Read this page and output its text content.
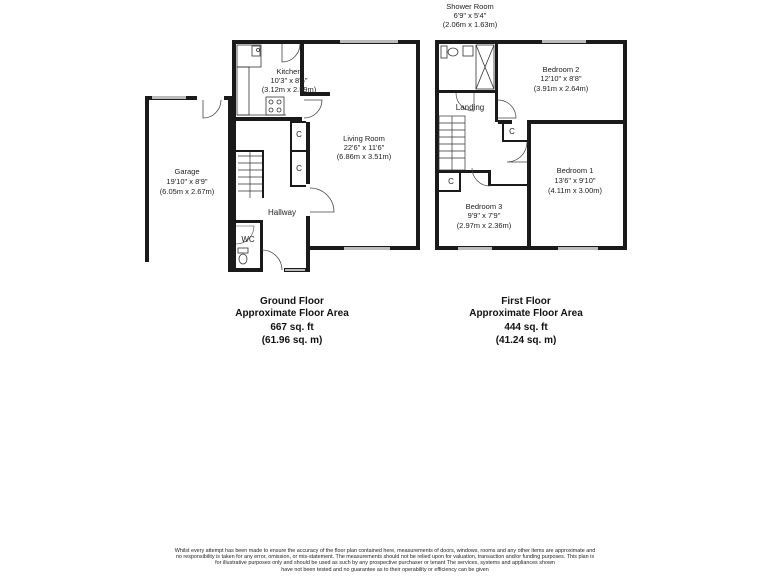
Kitchen
10'3" x 8'6"
(3.12m x 2.59m)
Living Room
22'6" x 11'6"
(6.86m x 3.51m)
Garage
19'10" x 8'9"
(6.05m x 2.67m)
Hallway
WC
C
C
Ground Floor
Approximate Floor Area
667 sq. ft
(61.96 sq. m)
Shower Room
6'9" x 5'4"
(2.06m x 1.63m)
Bedroom 2
12'10" x 8'8"
(3.91m x 2.64m)
Bedroom 1
13'6" x 9'10"
(4.11m x 3.00m)
Bedroom 3
9'9" x 7'9"
(2.97m x 2.36m)
Landing
C
C
First Floor
Approximate Floor Area
444 sq. ft
(41.24 sq. m)
Whilst every attempt has been made to ensure the accuracy of the floor plan contained here, measurements of doors, windows, rooms and any other items are approximate and
no responsibility is taken for any error, omission, or mis-statement. The measurements should not be relied upon for valuation, transaction and/or funding purposes. This plan is
for illustrative purposes only and should be used as such by any prospective purchaser or tenant The services, systems and appliances shown
have not been tested and no guarantee as to their operability or efficiency can be given
